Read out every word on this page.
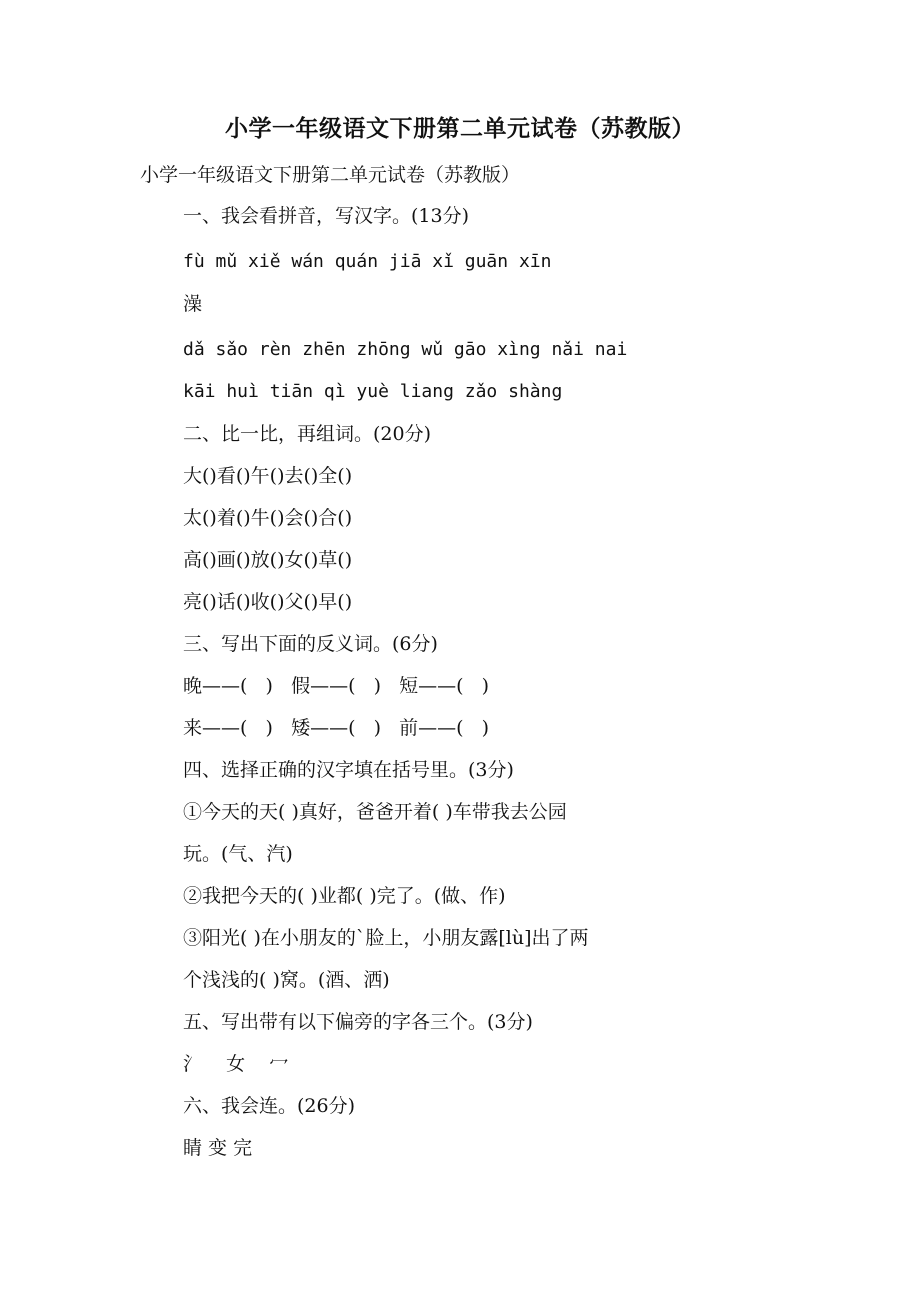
小学一年级语文下册第二单元试卷（苏教版）
小学一年级语文下册第二单元试卷（苏教版）
一、我会看拼音，写汉字。(13分)
fù mǔ xiě wán quán jiā xǐ guān xīn
澡
dǎ sǎo rèn zhēn zhōng wǔ gāo xìng nǎi nai
kāi huì tiān qì yuè liang zǎo shàng
二、比一比，再组词。(20分)
大()看()午()去()全()
太()着()牛()会()合()
高()画()放()女()草()
亮()话()收()父()早()
三、写出下面的反义词。(6分)
晚——(   )   假——(   )   短——(   )
来——(   )   矮——(   )   前——(   )
四、选择正确的汉字填在括号里。(3分)
①今天的天( )真好，爸爸开着( )车带我去公园
玩。(气、汽)
②我把今天的( )业都( )完了。(做、作)
③阳光( )在小朋友的`脸上，小朋友露[lù]出了两
个浅浅的( )窝。(酒、洒)
五、写出带有以下偏旁的字各三个。(3分)
氵    女    冖
六、我会连。(26分)
睛 变 完
